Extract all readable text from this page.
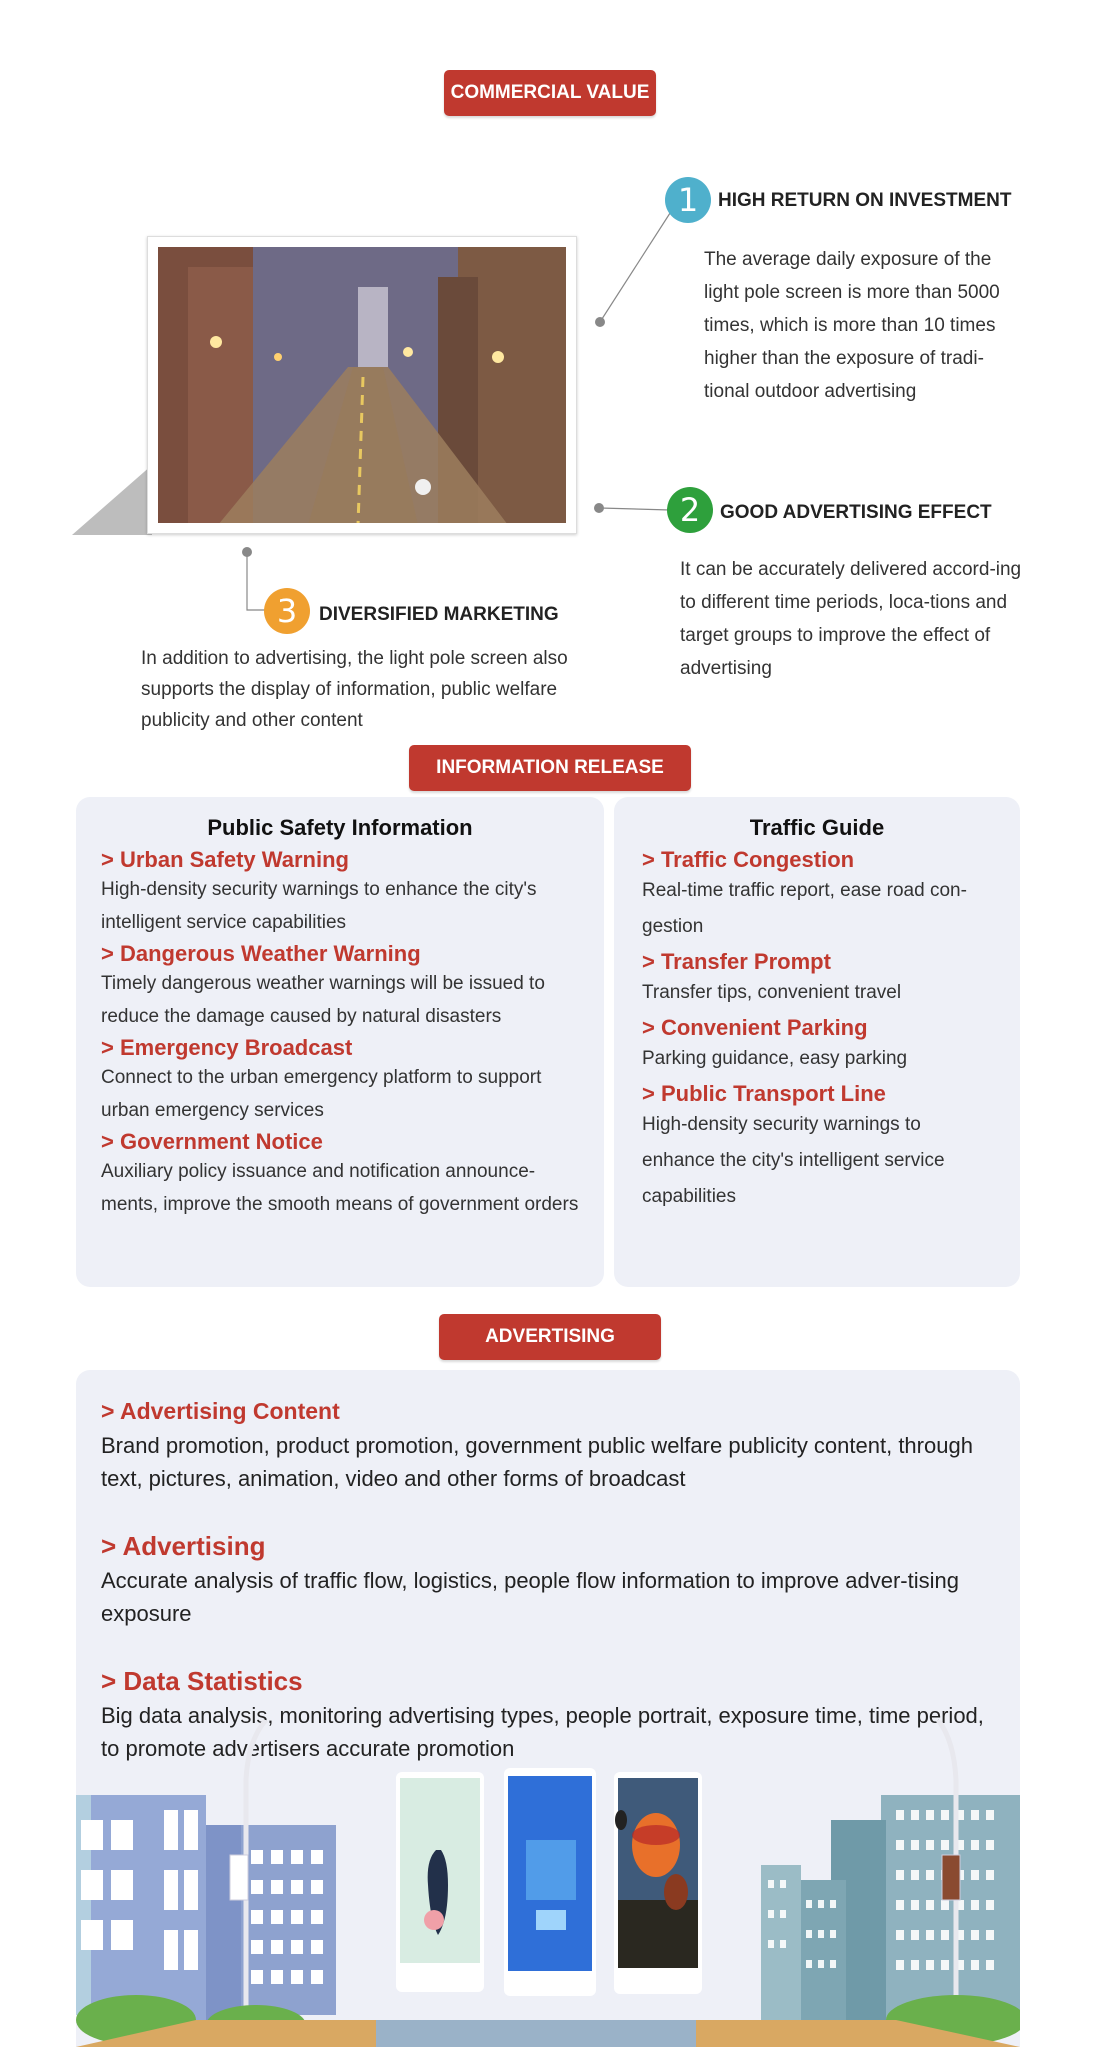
COMMERCIAL VALUE
1 HIGH RETURN ON INVESTMENT
The average daily exposure of the light pole screen is more than 5000 times, which is more than 10 times higher than the exposure of tradi-tional outdoor advertising
2 GOOD ADVERTISING EFFECT
It can be accurately delivered accord-ing to different time periods, loca-tions and target groups to improve the effect of advertising
3 DIVERSIFIED MARKETING
In addition to advertising, the light pole screen also supports the display of information, public welfare publicity and other content
INFORMATION RELEASE
Public Safety Information
> Urban Safety Warning
High-density security warnings to enhance the city's intelligent service capabilities
> Dangerous Weather Warning
Timely dangerous weather warnings will be issued to reduce the damage caused by natural disasters
> Emergency Broadcast
Connect to the urban emergency platform to support urban emergency services
> Government Notice
Auxiliary policy issuance and notification announce-ments, improve the smooth means of government orders
Traffic Guide
> Traffic Congestion
Real-time traffic report, ease road con-gestion
> Transfer Prompt
Transfer tips, convenient travel
> Convenient Parking
Parking guidance, easy parking
> Public Transport Line
High-density security warnings to enhance the city's intelligent service capabilities
ADVERTISING
> Advertising Content
Brand promotion, product promotion, government public welfare publicity content, through text, pictures, animation, video and other forms of broadcast
> Advertising
Accurate analysis of traffic flow, logistics, people flow information to improve adver-tising exposure
> Data Statistics
Big data analysis, monitoring advertising types, people portrait, exposure time, time period, to promote advertisers accurate promotion
